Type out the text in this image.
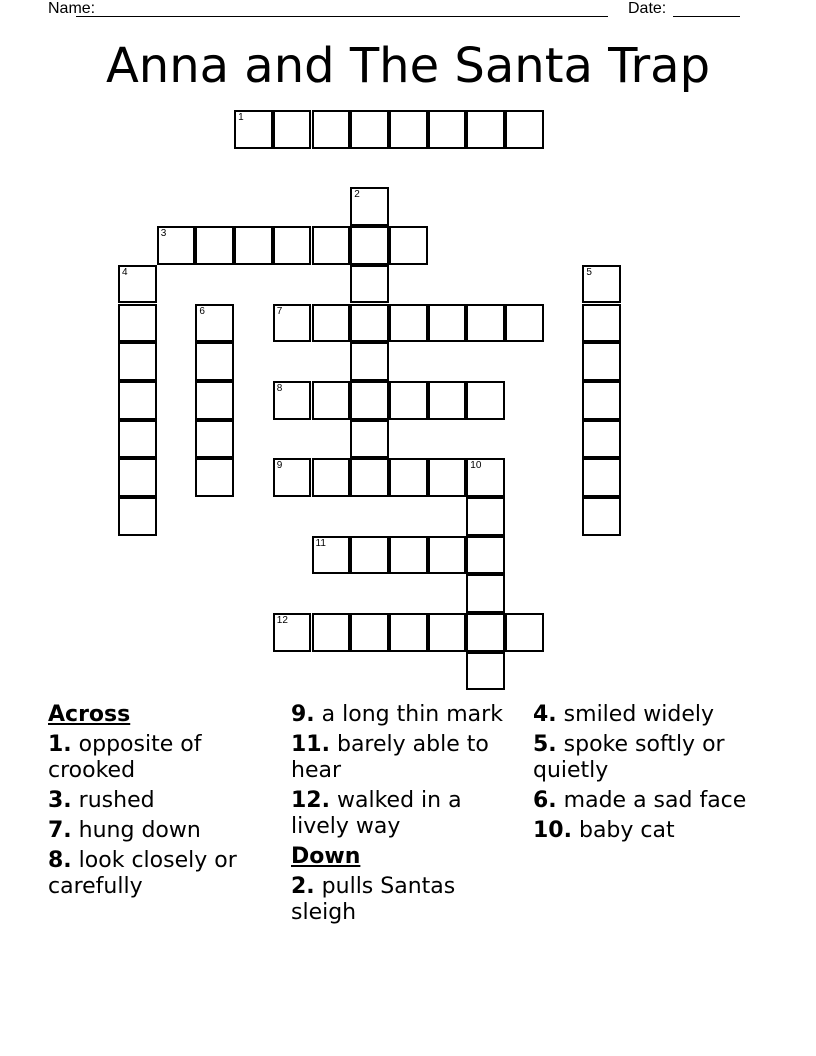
Name:	Date:
Anna and The Santa Trap
1
2
3
4	5
6	7
8
9	10
11
12
Across
1. opposite of crooked
3. rushed
7. hung down
8. look closely or carefully
9. a long thin mark
11. barely able to hear
12. walked in a lively way
Down
2. pulls Santas sleigh
4. smiled widely
5. spoke softly or quietly
6. made a sad face
10. baby cat
